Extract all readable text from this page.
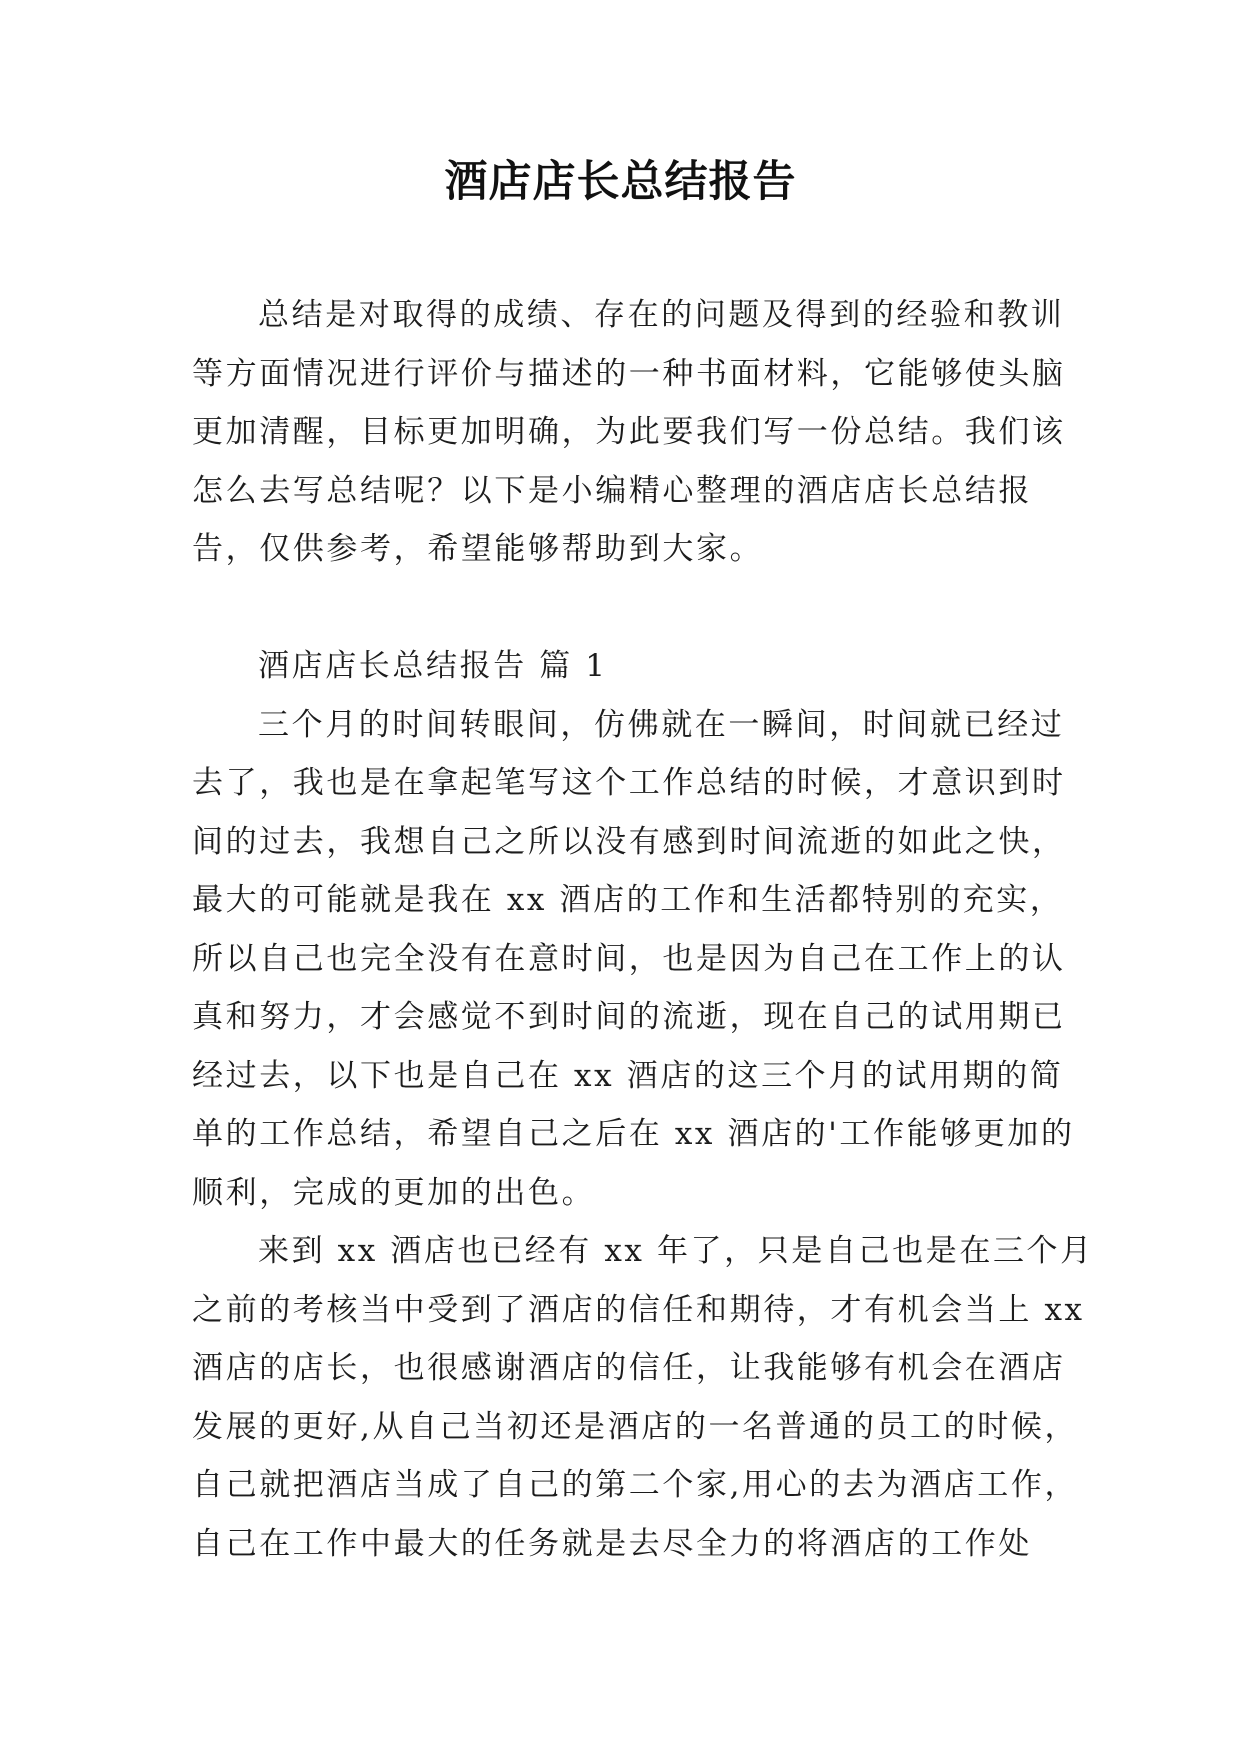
酒店店长总结报告
总结是对取得的成绩、存在的问题及得到的经验和教训
等方面情况进行评价与描述的一种书面材料，它能够使头脑
更加清醒，目标更加明确，为此要我们写一份总结。我们该
怎么去写总结呢？以下是小编精心整理的酒店店长总结报
告，仅供参考，希望能够帮助到大家。
酒店店长总结报告 篇 1
三个月的时间转眼间，仿佛就在一瞬间，时间就已经过
去了，我也是在拿起笔写这个工作总结的时候，才意识到时
间的过去，我想自己之所以没有感到时间流逝的如此之快，
最大的可能就是我在 xx 酒店的工作和生活都特别的充实，
所以自己也完全没有在意时间，也是因为自己在工作上的认
真和努力，才会感觉不到时间的流逝，现在自己的试用期已
经过去，以下也是自己在 xx 酒店的这三个月的试用期的简
单的工作总结，希望自己之后在 xx 酒店的'工作能够更加的
顺利，完成的更加的出色。
来到 xx 酒店也已经有 xx 年了，只是自己也是在三个月
之前的考核当中受到了酒店的信任和期待，才有机会当上 xx
酒店的店长，也很感谢酒店的信任，让我能够有机会在酒店
发展的更好,从自己当初还是酒店的一名普通的员工的时候，
自己就把酒店当成了自己的第二个家,用心的去为酒店工作，
自己在工作中最大的任务就是去尽全力的将酒店的工作处
